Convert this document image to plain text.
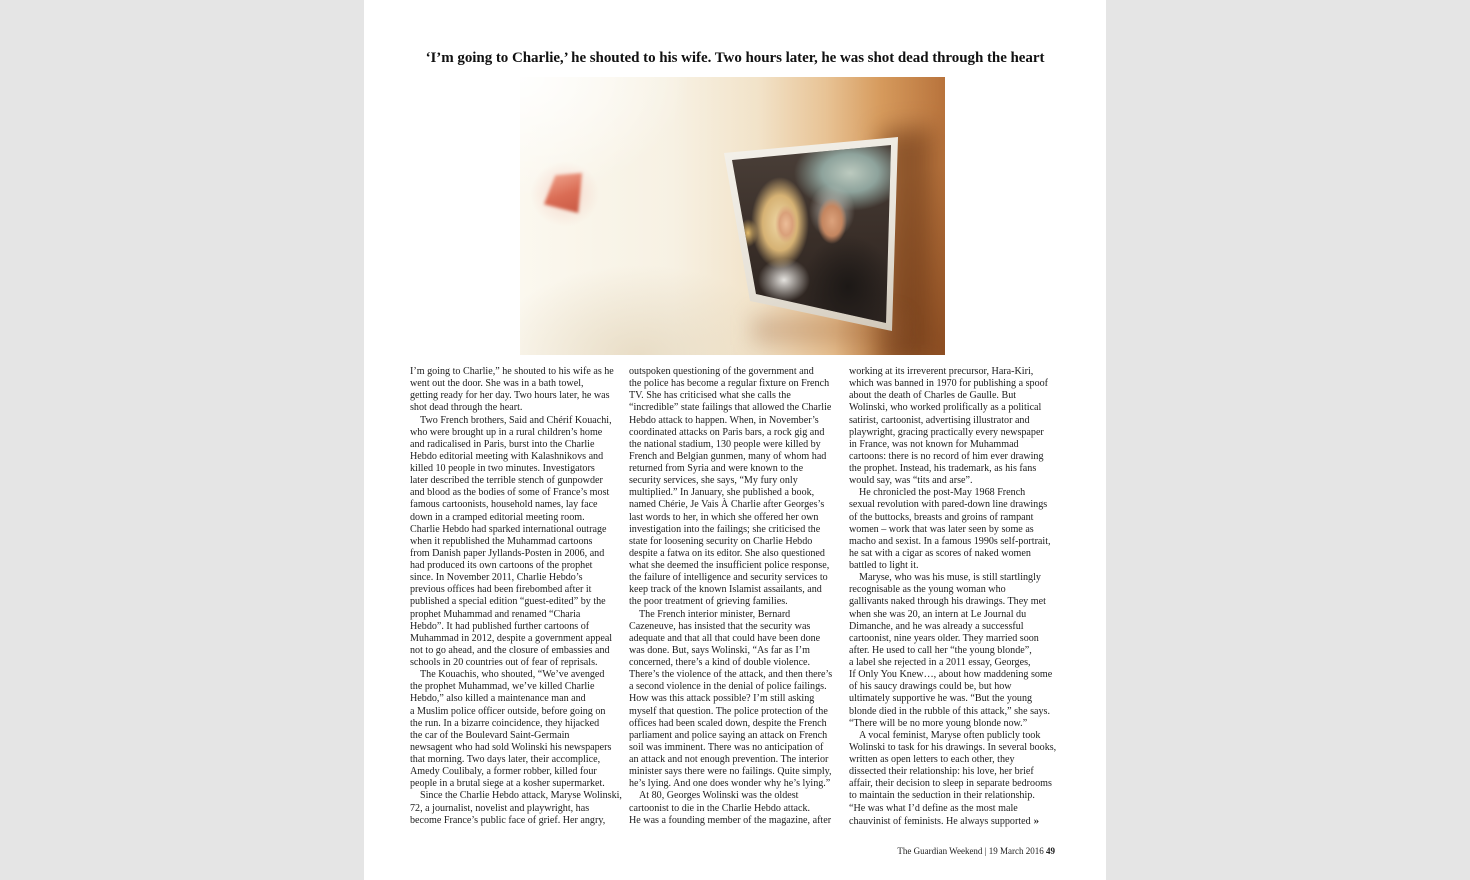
‘I’m going to Charlie,’ he shouted to his wife. Two hours later, he was shot dead through the heart
I’m going to Charlie,” he shouted to his wife as he
went out the door. She was in a bath towel,
getting ready for her day. Two hours later, he was
shot dead through the heart.
Two French brothers, Said and Chérif Kouachi,
who were brought up in a rural children’s home
and radicalised in Paris, burst into the Charlie
Hebdo editorial meeting with Kalashnikovs and
killed 10 people in two minutes. Investigators
later described the terrible stench of gunpowder
and blood as the bodies of some of France’s most
famous cartoonists, household names, lay face
down in a cramped editorial meeting room.
Charlie Hebdo had sparked international outrage
when it republished the Muhammad cartoons
from Danish paper Jyllands-Posten in 2006, and
had produced its own cartoons of the prophet
since. In November 2011, Charlie Hebdo’s
previous offices had been firebombed after it
published a special edition “guest-edited” by the
prophet Muhammad and renamed “Charia
Hebdo”. It had published further cartoons of
Muhammad in 2012, despite a government appeal
not to go ahead, and the closure of embassies and
schools in 20 countries out of fear of reprisals.
The Kouachis, who shouted, “We’ve avenged
the prophet Muhammad, we’ve killed Charlie
Hebdo,” also killed a maintenance man and
a Muslim police officer outside, before going on
the run. In a bizarre coincidence, they hijacked
the car of the Boulevard Saint-Germain
newsagent who had sold Wolinski his newspapers
that morning. Two days later, their accomplice,
Amedy Coulibaly, a former robber, killed four
people in a brutal siege at a kosher supermarket.
Since the Charlie Hebdo attack, Maryse Wolinski,
72, a journalist, novelist and playwright, has
become France’s public face of grief. Her angry,
outspoken questioning of the government and
the police has become a regular fixture on French
TV. She has criticised what she calls the
“incredible” state failings that allowed the Charlie
Hebdo attack to happen. When, in November’s
coordinated attacks on Paris bars, a rock gig and
the national stadium, 130 people were killed by
French and Belgian gunmen, many of whom had
returned from Syria and were known to the
security services, she says, “My fury only
multiplied.” In January, she published a book,
named Chérie, Je Vais À Charlie after Georges’s
last words to her, in which she offered her own
investigation into the failings; she criticised the
state for loosening security on Charlie Hebdo
despite a fatwa on its editor. She also questioned
what she deemed the insufficient police response,
the failure of intelligence and security services to
keep track of the known Islamist assailants, and
the poor treatment of grieving families.
The French interior minister, Bernard
Cazeneuve, has insisted that the security was
adequate and that all that could have been done
was done. But, says Wolinski, “As far as I’m
concerned, there’s a kind of double violence.
There’s the violence of the attack, and then there’s
a second violence in the denial of police failings.
How was this attack possible? I’m still asking
myself that question. The police protection of the
offices had been scaled down, despite the French
parliament and police saying an attack on French
soil was imminent. There was no anticipation of
an attack and not enough prevention. The interior
minister says there were no failings. Quite simply,
he’s lying. And one does wonder why he’s lying.”
At 80, Georges Wolinski was the oldest
cartoonist to die in the Charlie Hebdo attack.
He was a founding member of the magazine, after
working at its irreverent precursor, Hara-Kiri,
which was banned in 1970 for publishing a spoof
about the death of Charles de Gaulle. But
Wolinski, who worked prolifically as a political
satirist, cartoonist, advertising illustrator and
playwright, gracing practically every newspaper
in France, was not known for Muhammad
cartoons: there is no record of him ever drawing
the prophet. Instead, his trademark, as his fans
would say, was “tits and arse”.
He chronicled the post-May 1968 French
sexual revolution with pared-down line drawings
of the buttocks, breasts and groins of rampant
women – work that was later seen by some as
macho and sexist. In a famous 1990s self-portrait,
he sat with a cigar as scores of naked women
battled to light it.
Maryse, who was his muse, is still startlingly
recognisable as the young woman who
gallivants naked through his drawings. They met
when she was 20, an intern at Le Journal du
Dimanche, and he was already a successful
cartoonist, nine years older. They married soon
after. He used to call her “the young blonde”,
a label she rejected in a 2011 essay, Georges,
If Only You Knew…, about how maddening some
of his saucy drawings could be, but how
ultimately supportive he was. “But the young
blonde died in the rubble of this attack,” she says.
“There will be no more young blonde now.”
A vocal feminist, Maryse often publicly took
Wolinski to task for his drawings. In several books,
written as open letters to each other, they
dissected their relationship: his love, her brief
affair, their decision to sleep in separate bedrooms
to maintain the seduction in their relationship.
“He was what I’d define as the most male
chauvinist of feminists. He always supported »
The Guardian Weekend | 19 March 2016 49
